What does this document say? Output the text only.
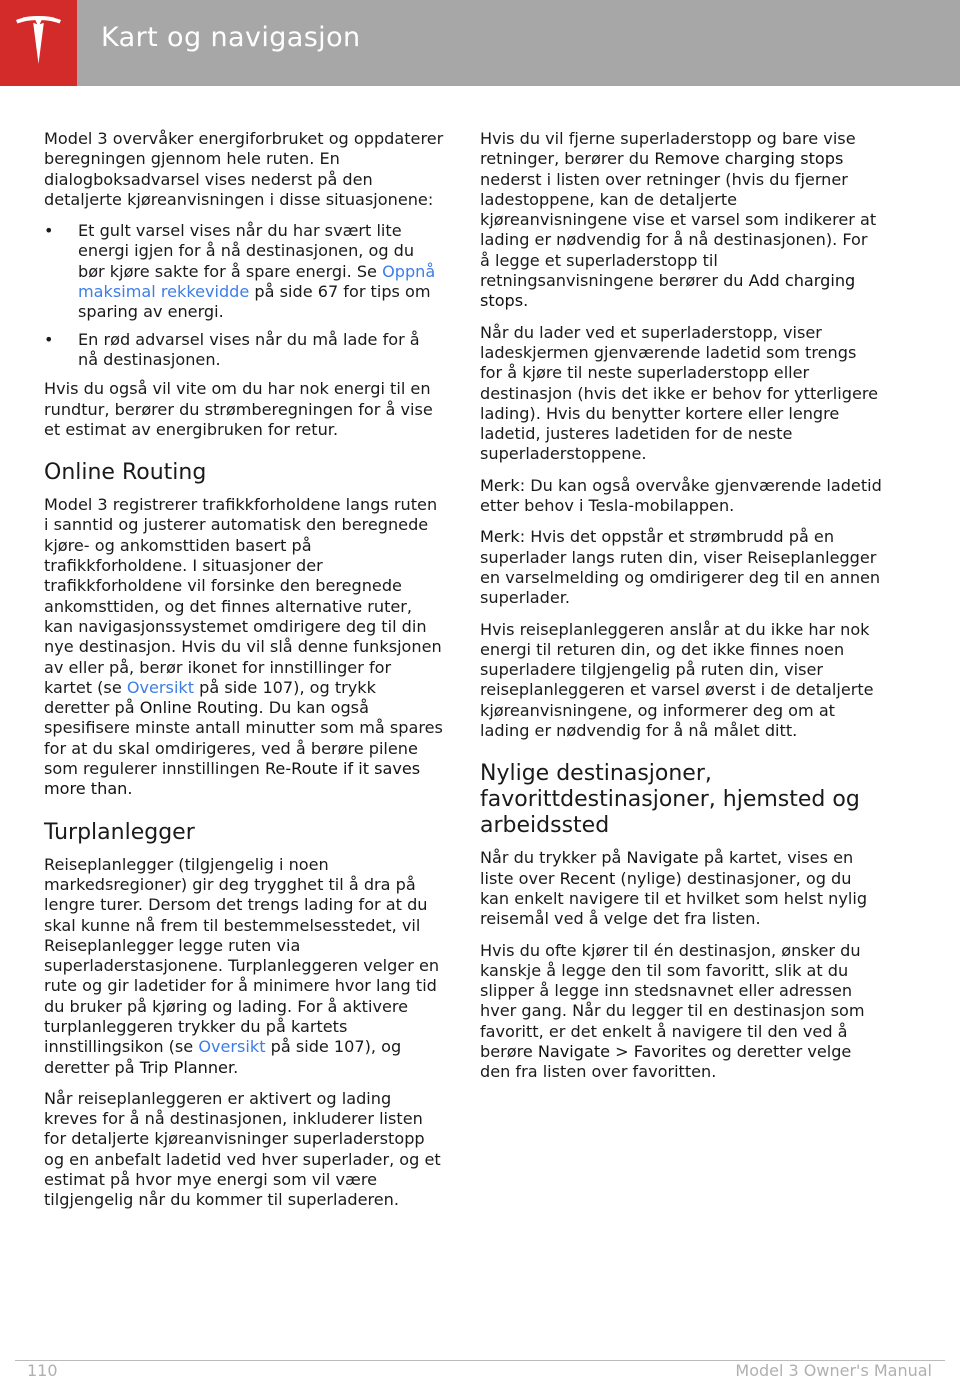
Kart og navigasjon

Model 3 overvåker energiforbruket og oppdaterer beregningen gjennom hele ruten. En dialogboksadvarsel vises nederst på den detaljerte kjøreanvisningen i disse situasjonene:

• Et gult varsel vises når du har svært lite energi igjen for å nå destinasjonen, og du bør kjøre sakte for å spare energi. Se Oppnå maksimal rekkevidde på side 67 for tips om sparing av energi.
• En rød advarsel vises når du må lade for å nå destinasjonen.

Hvis du også vil vite om du har nok energi til en rundtur, berører du strømberegningen for å vise et estimat av energibruken for retur.

Online Routing

Model 3 registrerer trafikkforholdene langs ruten i sanntid og justerer automatisk den beregnede kjøre- og ankomsttiden basert på trafikkforholdene. I situasjoner der trafikkforholdene vil forsinke den beregnede ankomsttiden, og det finnes alternative ruter, kan navigasjonssystemet omdirigere deg til din nye destinasjon. Hvis du vil slå denne funksjonen av eller på, berør ikonet for innstillinger for kartet (se Oversikt på side 107), og trykk deretter på Online Routing. Du kan også spesifisere minste antall minutter som må spares for at du skal omdirigeres, ved å berøre pilene som regulerer innstillingen Re-Route if it saves more than.

Turplanlegger

Reiseplanlegger (tilgjengelig i noen markedsregioner) gir deg trygghet til å dra på lengre turer. Dersom det trengs lading for at du skal kunne nå frem til bestemmelsesstedet, vil Reiseplanlegger legge ruten via superladerstasjonene. Turplanleggeren velger en rute og gir ladetider for å minimere hvor lang tid du bruker på kjøring og lading. For å aktivere turplanleggeren trykker du på kartets innstillingsikon (se Oversikt på side 107), og deretter på Trip Planner.

Når reiseplanleggeren er aktivert og lading kreves for å nå destinasjonen, inkluderer listen for detaljerte kjøreanvisninger superladerstopp og en anbefalt ladetid ved hver superlader, og et estimat på hvor mye energi som vil være tilgjengelig når du kommer til superladeren.

Hvis du vil fjerne superladerstopp og bare vise retninger, berører du Remove charging stops nederst i listen over retninger (hvis du fjerner ladestoppene, kan de detaljerte kjøreanvisningene vise et varsel som indikerer at lading er nødvendig for å nå destinasjonen). For å legge et superladerstopp til retningsanvisningene berører du Add charging stops.

Når du lader ved et superladerstopp, viser ladeskjermen gjenværende ladetid som trengs for å kjøre til neste superladerstopp eller destinasjon (hvis det ikke er behov for ytterligere lading). Hvis du benytter kortere eller lengre ladetid, justeres ladetiden for de neste superladerstoppene.

Merk: Du kan også overvåke gjenværende ladetid etter behov i Tesla-mobilappen.

Merk: Hvis det oppstår et strømbrudd på en superlader langs ruten din, viser Reiseplanlegger en varselmelding og omdirigerer deg til en annen superlader.

Hvis reiseplanleggeren anslår at du ikke har nok energi til returen din, og det ikke finnes noen superladere tilgjengelig på ruten din, viser reiseplanleggeren et varsel øverst i de detaljerte kjøreanvisningene, og informerer deg om at lading er nødvendig for å nå målet ditt.

Nylige destinasjoner, favorittdestinasjoner, hjemsted og arbeidssted

Når du trykker på Navigate på kartet, vises en liste over Recent (nylige) destinasjoner, og du kan enkelt navigere til et hvilket som helst nylig reisemål ved å velge det fra listen.

Hvis du ofte kjører til én destinasjon, ønsker du kanskje å legge den til som favoritt, slik at du slipper å legge inn stedsnavnet eller adressen hver gang. Når du legger til en destinasjon som favoritt, er det enkelt å navigere til den ved å berøre Navigate > Favorites og deretter velge den fra listen over favoritten.

110	Model 3 Owner's Manual
